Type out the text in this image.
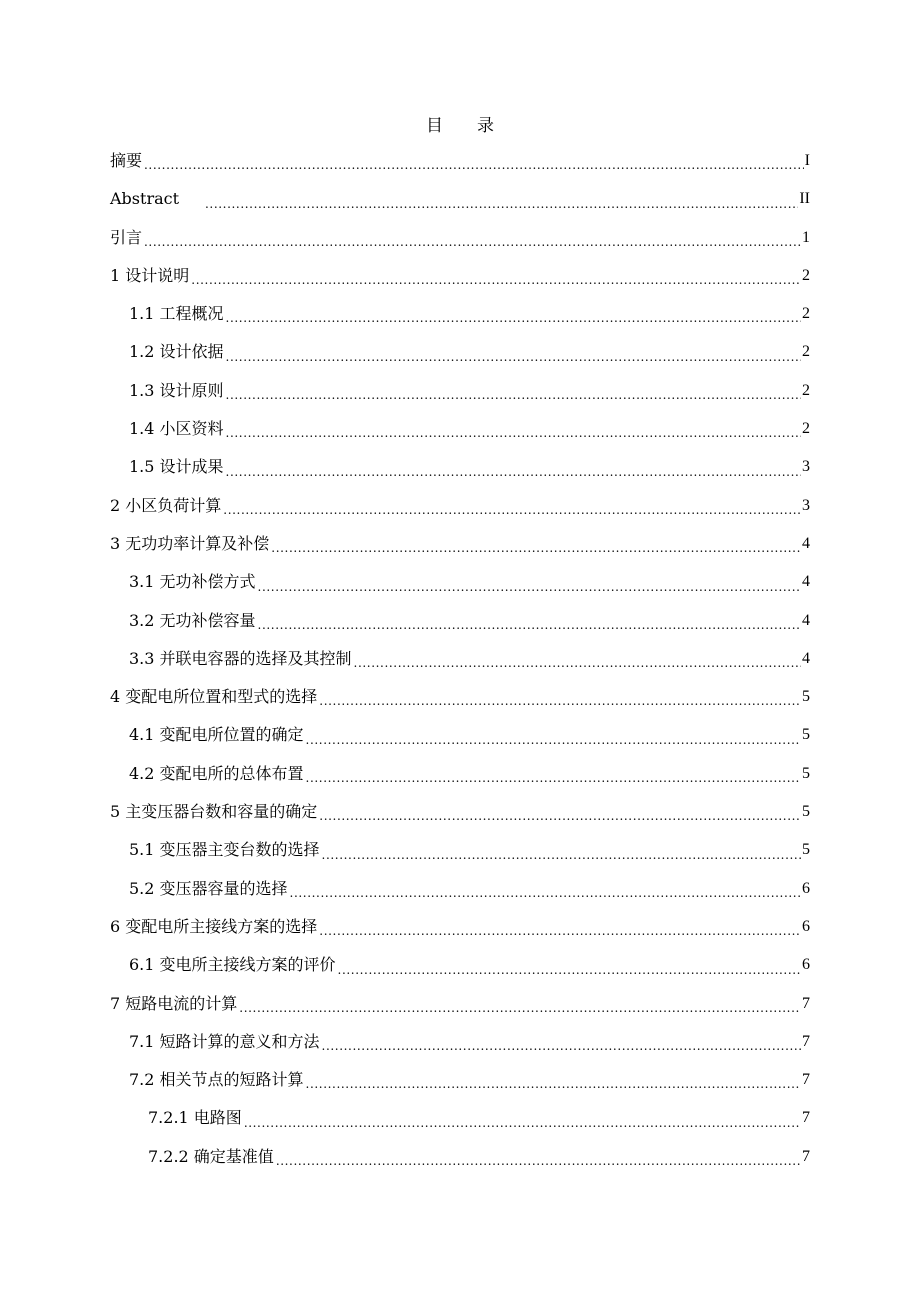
目 录
摘要 .....	I
Abstract .....	II
引言 .....	1
1 设计说明 .....	2
1.1 工程概况 .....	2
1.2 设计依据 .....	2
1.3 设计原则 .....	2
1.4 小区资料 .....	2
1.5 设计成果 .....	3
2 小区负荷计算 .....	3
3 无功功率计算及补偿 .....	4
3.1 无功补偿方式 .....	4
3.2 无功补偿容量 .....	4
3.3 并联电容器的选择及其控制 .....	4
4 变配电所位置和型式的选择 .....	5
4.1 变配电所位置的确定 .....	5
4.2 变配电所的总体布置 .....	5
5 主变压器台数和容量的确定 .....	5
5.1 变压器主变台数的选择 .....	5
5.2 变压器容量的选择 .....	6
6 变配电所主接线方案的选择 .....	6
6.1 变电所主接线方案的评价 .....	6
7 短路电流的计算 .....	7
7.1 短路计算的意义和方法 .....	7
7.2 相关节点的短路计算 .....	7
7.2.1 电路图 .....	7
7.2.2 确定基准值 .....	7
